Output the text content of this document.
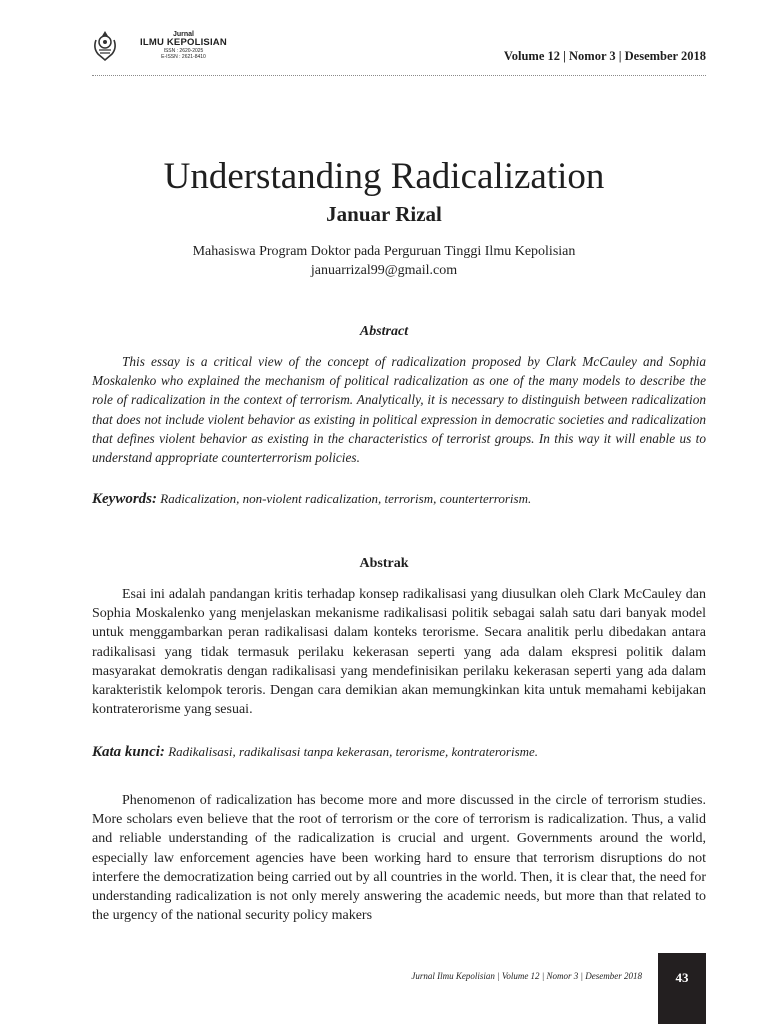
Jurnal
ILMU KEPOLISIAN
ISSN : 2620-2025
E-ISSN : 2621-8410	Volume 12 | Nomor 3 | Desember 2018
Understanding Radicalization
Januar Rizal
Mahasiswa Program Doktor pada Perguruan Tinggi Ilmu Kepolisian
januarrizal99@gmail.com
Abstract

This essay is a critical view of the concept of radicalization proposed by Clark McCauley and Sophia Moskalenko who explained the mechanism of political radicalization as one of the many models to describe the role of radicalization in the context of terrorism. Analytically, it is necessary to distinguish between radicalization that does not include violent behavior as existing in political expression in democratic societies and radicalization that defines violent behavior as existing in the characteristics of terrorist groups. In this way it will enable us to understand appropriate counterterrorism policies.

Keywords: Radicalization, non-violent radicalization, terrorism, counterterrorism.
Abstrak

Esai ini adalah pandangan kritis terhadap konsep radikalisasi yang diusulkan oleh Clark McCauley dan Sophia Moskalenko yang menjelaskan mekanisme radikalisasi politik sebagai salah satu dari banyak model untuk menggambarkan peran radikalisasi dalam konteks terorisme. Secara analitik perlu dibedakan antara radikalisasi yang tidak termasuk perilaku kekerasan seperti yang ada dalam ekspresi politik dalam masyarakat demokratis dengan radikalisasi yang mendefinisikan perilaku kekerasan seperti yang ada dalam karakteristik kelompok teroris. Dengan cara demikian akan memungkinkan kita untuk memahami kebijakan kontraterorisme yang sesuai.

Kata kunci: Radikalisasi, radikalisasi tanpa kekerasan, terorisme, kontraterorisme.

Phenomenon of radicalization has become more and more discussed in the circle of terrorism studies. More scholars even believe that the root of terrorism or the core of terrorism is radicalization. Thus, a valid and reliable understanding of the radicalization is crucial and urgent. Governments around the world, especially law enforcement agencies have been working hard to ensure that terrorism disruptions do not interfere the democratization being carried out by all countries in the world. Then, it is clear that, the need for understanding radicalization is not only merely answering the academic needs, but more than that related to the urgency of the national security policy makers

Jurnal Ilmu Kepolisian | Volume 12 | Nomor 3 | Desember 2018	43
